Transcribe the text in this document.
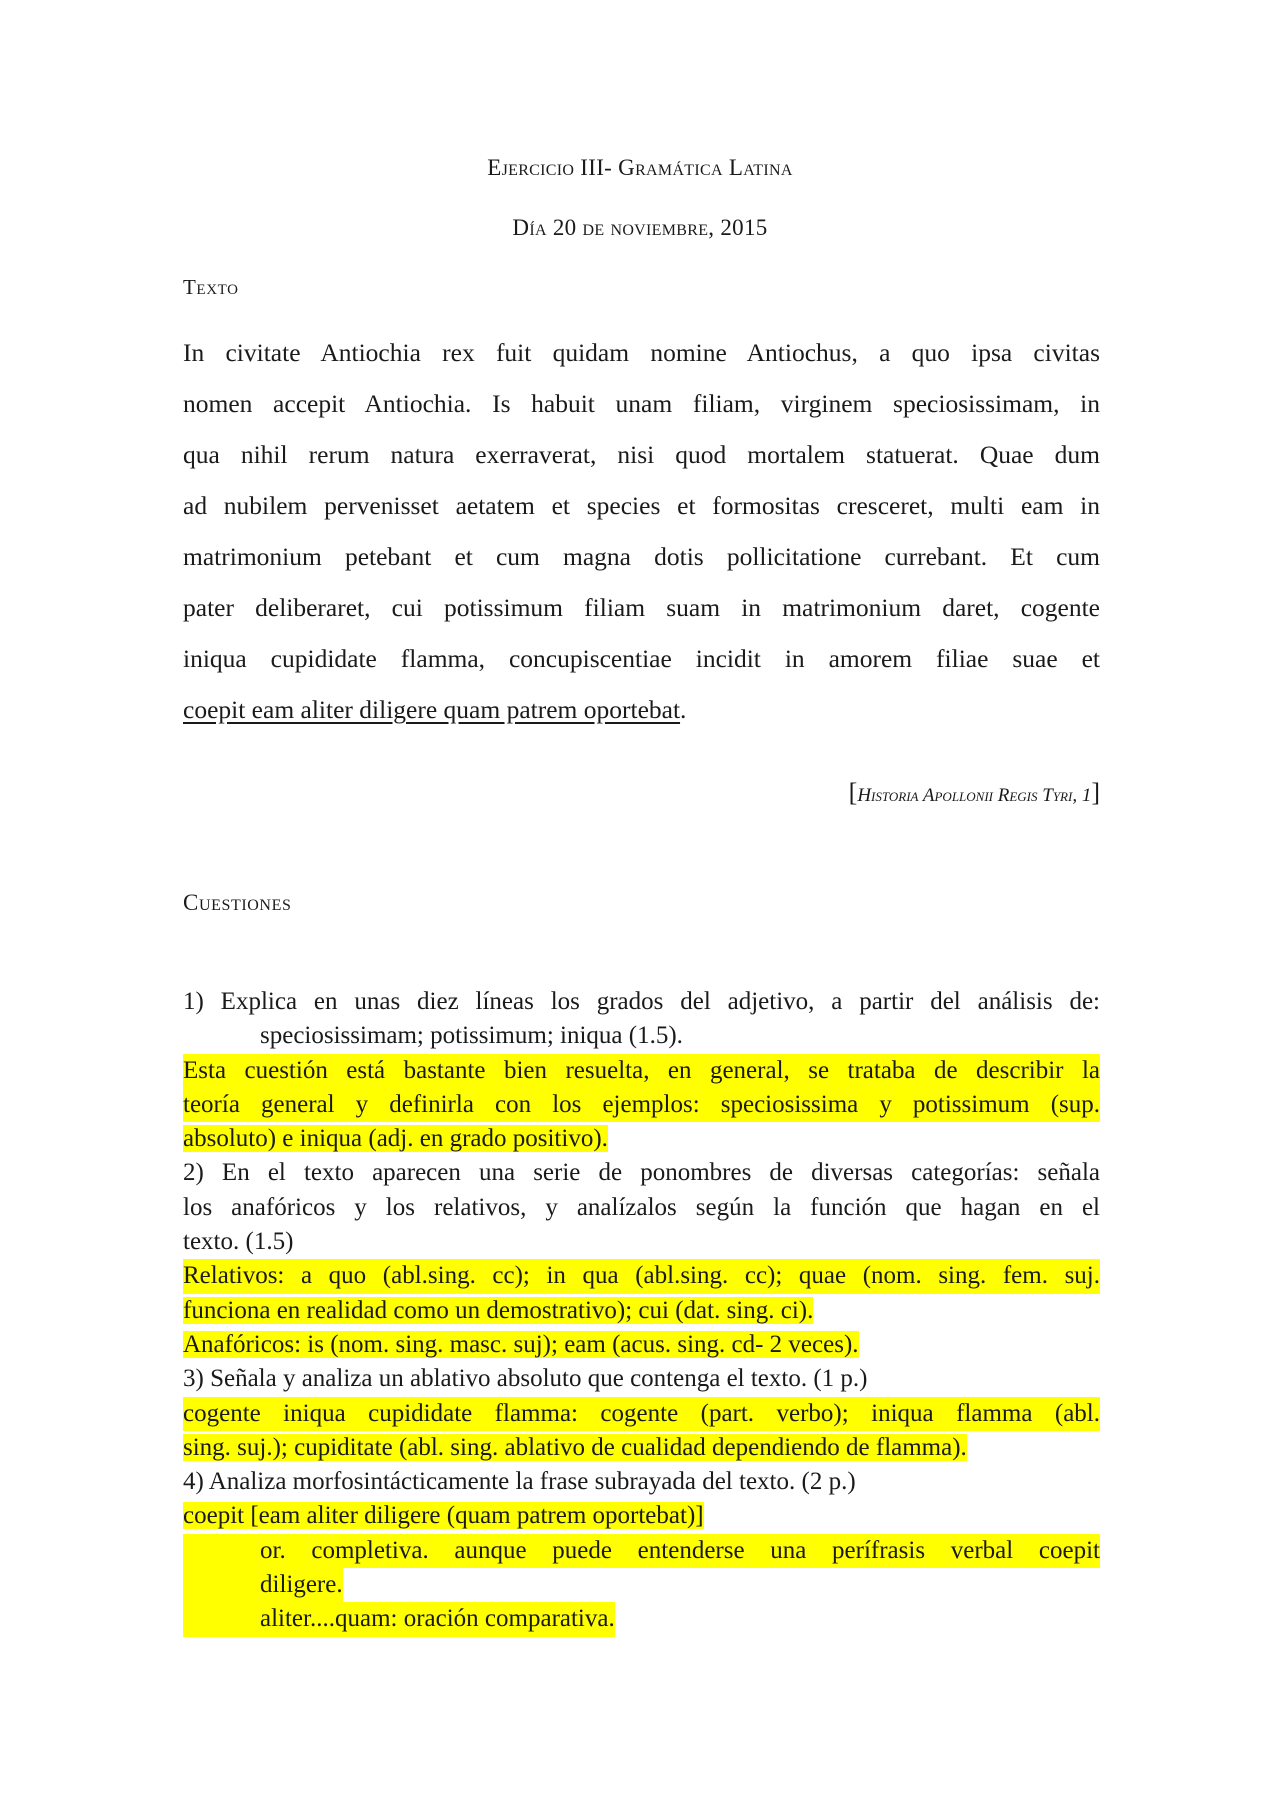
Ejercicio III- Gramática Latina
Día 20 de noviembre, 2015
Texto
In civitate Antiochia rex fuit quidam nomine Antiochus, a quo ipsa civitas
nomen accepit Antiochia. Is habuit unam filiam, virginem speciosissimam, in
qua nihil rerum natura exerraverat, nisi quod mortalem statuerat. Quae dum
ad nubilem pervenisset aetatem et species et formositas cresceret, multi eam in
matrimonium petebant et cum magna dotis pollicitatione currebant. Et cum
pater deliberaret, cui potissimum filiam suam in matrimonium daret, cogente
iniqua cupididate flamma, concupiscentiae incidit in amorem filiae suae et
coepit eam aliter diligere quam patrem oportebat.
[Historia Apollonii Regis Tyri, 1]
Cuestiones
1) Explica en unas diez líneas los grados del adjetivo, a partir del análisis de:
speciosissimam; potissimum; iniqua (1.5).
Esta cuestión está bastante bien resuelta, en general, se trataba de describir la
teoría general y definirla con los ejemplos: speciosissima y potissimum (sup.
absoluto) e iniqua (adj. en grado positivo).
2) En el texto aparecen una serie de ponombres de diversas categorías: señala
los anafóricos y los relativos, y analízalos según la función que hagan en el
texto. (1.5)
Relativos: a quo (abl.sing. cc); in qua (abl.sing. cc); quae (nom. sing. fem. suj.
funciona en realidad como un demostrativo); cui (dat. sing. ci).
Anafóricos: is (nom. sing. masc. suj); eam (acus. sing. cd- 2 veces).
3) Señala y analiza un ablativo absoluto que contenga el texto. (1 p.)
cogente iniqua cupididate flamma: cogente (part. verbo); iniqua flamma (abl.
sing. suj.); cupiditate (abl. sing. ablativo de cualidad dependiendo de flamma).
4) Analiza morfosintácticamente la frase subrayada del texto. (2 p.)
coepit [eam aliter diligere (quam patrem oportebat)]
or. completiva. aunque puede entenderse una perífrasis verbal coepit
diligere.
aliter....quam: oración comparativa.
